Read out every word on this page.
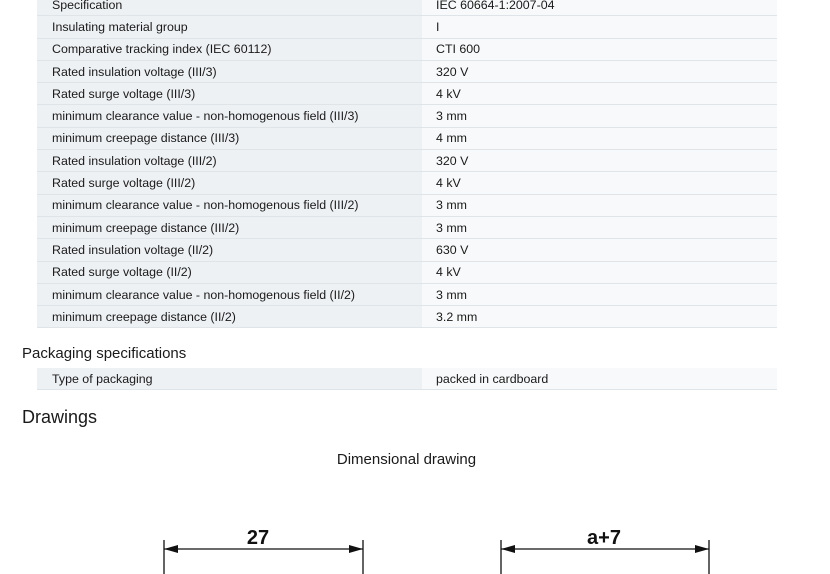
Specification	IEC 60664-1:2007-04
Insulating material group	I
Comparative tracking index (IEC 60112)	CTI 600
Rated insulation voltage (III/3)	320 V
Rated surge voltage (III/3)	4 kV
minimum clearance value - non-homogenous field (III/3)	3 mm
minimum creepage distance (III/3)	4 mm
Rated insulation voltage (III/2)	320 V
Rated surge voltage (III/2)	4 kV
minimum clearance value - non-homogenous field (III/2)	3 mm
minimum creepage distance (III/2)	3 mm
Rated insulation voltage (II/2)	630 V
Rated surge voltage (II/2)	4 kV
minimum clearance value - non-homogenous field (II/2)	3 mm
minimum creepage distance (II/2)	3.2 mm
Packaging specifications
Type of packaging	packed in cardboard
Drawings
Dimensional drawing
27	a+7
